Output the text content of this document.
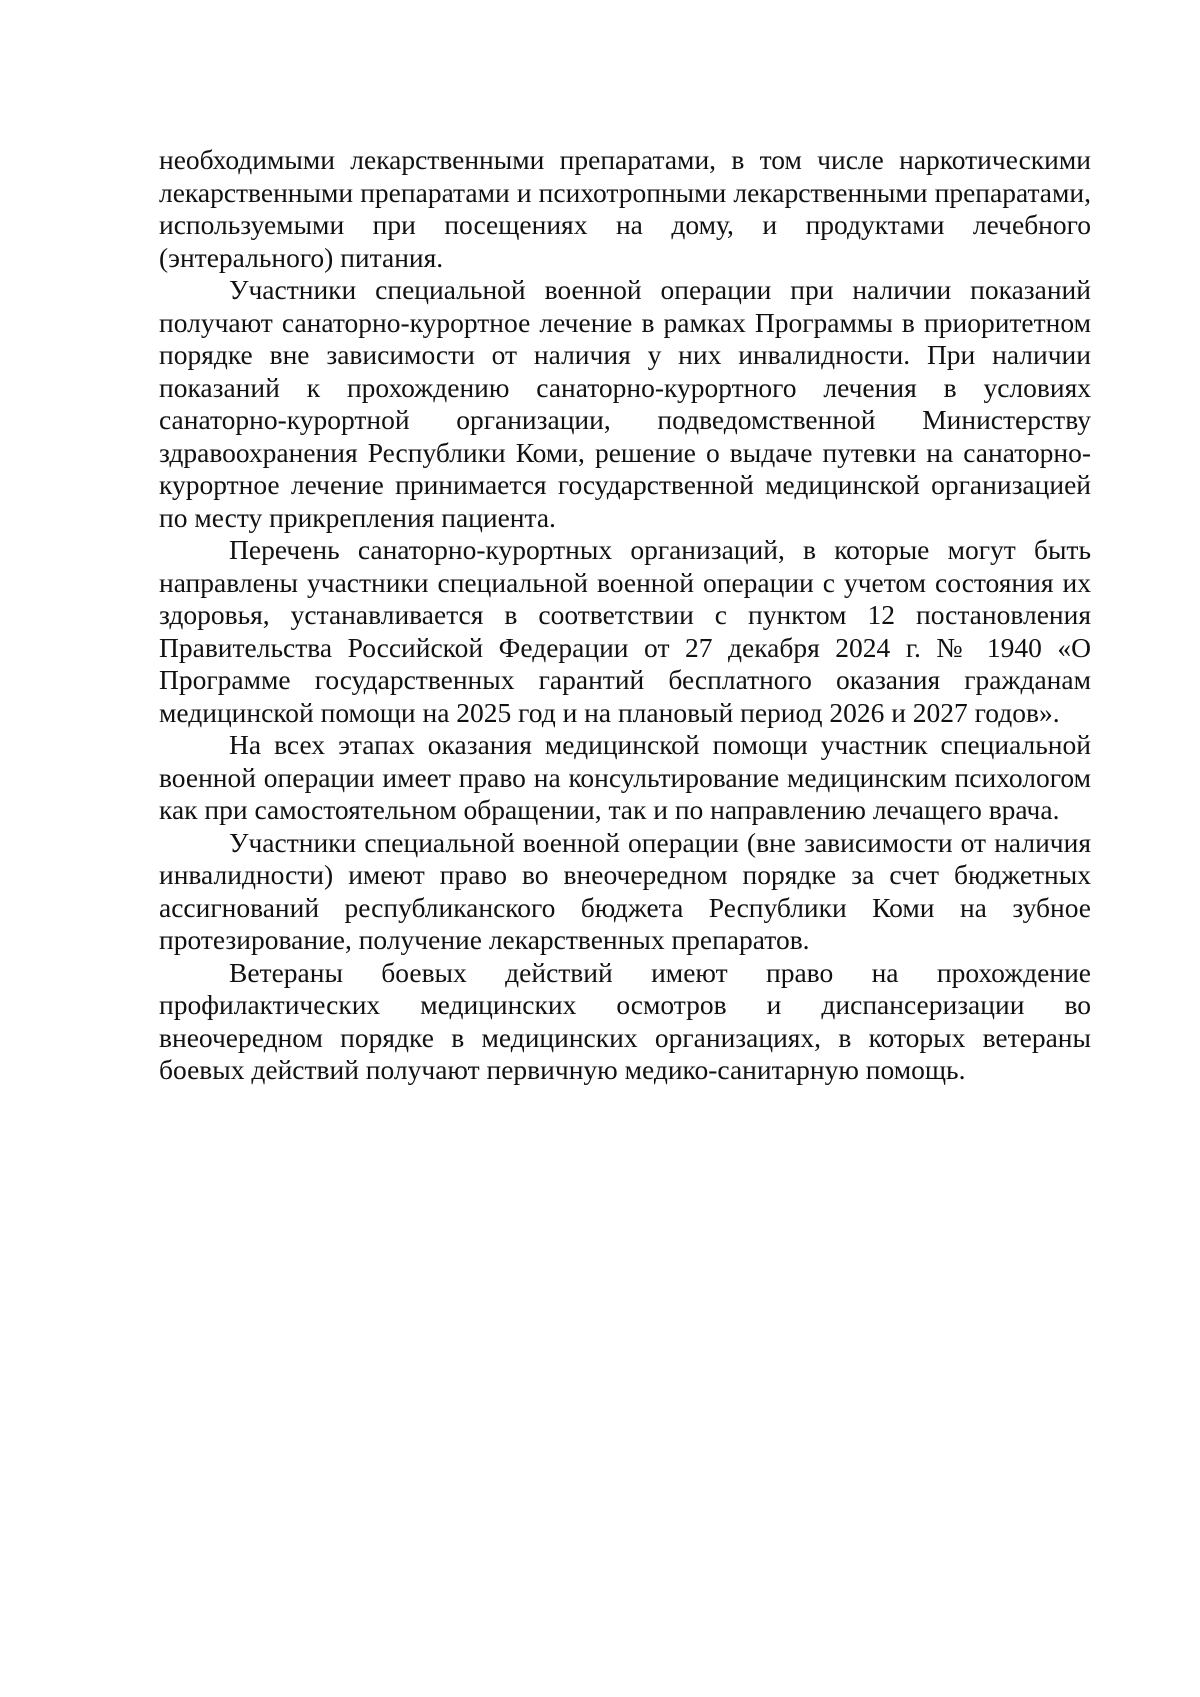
необходимыми лекарственными препаратами, в том числе наркотическими лекарственными препаратами и психотропными лекарственными препаратами, используемыми при посещениях на дому, и продуктами лечебного (энтерального) питания.

Участники специальной военной операции при наличии показаний получают санаторно-курортное лечение в рамках Программы в приоритетном порядке вне зависимости от наличия у них инвалидности. При наличии показаний к прохождению санаторно-курортного лечения в условиях санаторно-курортной организации, подведомственной Министерству здравоохранения Республики Коми, решение о выдаче путевки на санаторно-курортное лечение принимается государственной медицинской организацией по месту прикрепления пациента.

Перечень санаторно-курортных организаций, в которые могут быть направлены участники специальной военной операции с учетом состояния их здоровья, устанавливается в соответствии с пунктом 12 постановления Правительства Российской Федерации от 27 декабря 2024 г. № 1940 «О Программе государственных гарантий бесплатного оказания гражданам медицинской помощи на 2025 год и на плановый период 2026 и 2027 годов».

На всех этапах оказания медицинской помощи участник специальной военной операции имеет право на консультирование медицинским психологом как при самостоятельном обращении, так и по направлению лечащего врача.

Участники специальной военной операции (вне зависимости от наличия инвалидности) имеют право во внеочередном порядке за счет бюджетных ассигнований республиканского бюджета Республики Коми на зубное протезирование, получение лекарственных препаратов.

Ветераны боевых действий имеют право на прохождение профилактических медицинских осмотров и диспансеризации во внеочередном порядке в медицинских организациях, в которых ветераны боевых действий получают первичную медико-санитарную помощь.
